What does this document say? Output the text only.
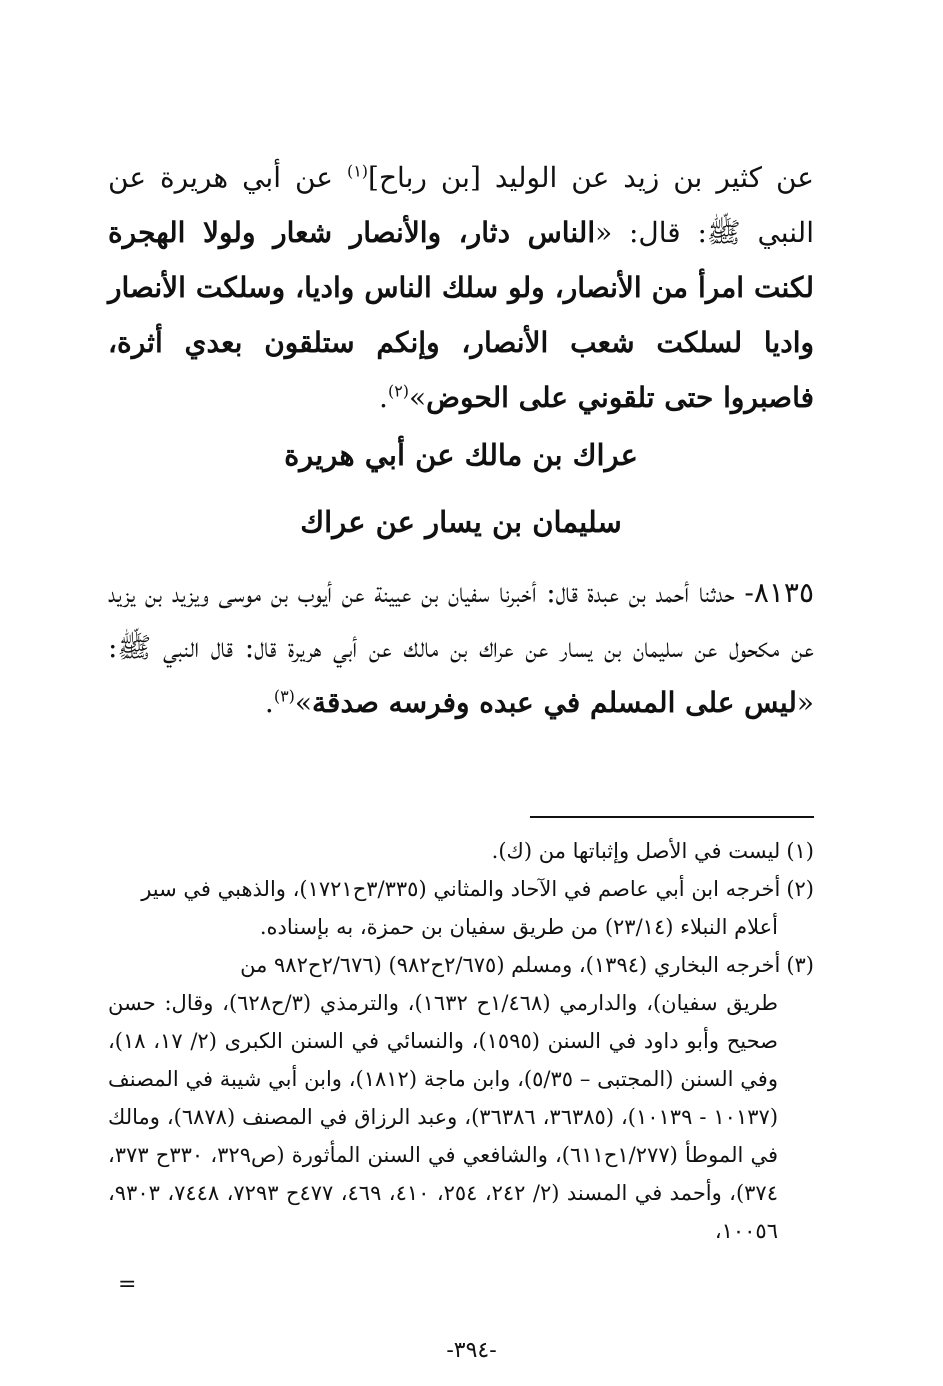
عن كثير بن زيد عن الوليد [بن رباح]$^{(١)}$ عن أبي هريرة عن النبي ﷺ: قال: «الناس دثار، والأنصار شعار ولولا الهجرة لكنت امرأ من الأنصار، ولو سلك الناس واديا، وسلكت الأنصار واديا لسلكت شعب الأنصار، وإنكم ستلقون بعدي أثرة، فاصبروا حتى تلقوني على الحوض»$^{(٢)}$.

عراك بن مالك عن أبي هريرة
سليمان بن يسار عن عراك

٨١٣٥- حدثنا أحمد بن عبدة قال: أخبرنا سفيان بن عيينة عن أيوب بن موسى ويزيد بن يزيد عن مكحول عن سليمان بن يسار عن عراك بن مالك عن أبي هريرة قال: قال النبي ﷺ: «ليس على المسلم في عبده وفرسه صدقة»$^{(٣)}$.

(١)ليست في الأصل وإثباتها من (ك).

(٢)أخرجه ابن أبي عاصم في الآحاد والمثاني (٣/٣٣٥ح١٧٢١)، والذهبي في سير

أعلام النبلاء (٢٣/١٤) من طريق سفيان بن حمزة، به بإسناده.

(٣)أخرجه البخاري (١٣٩٤)، ومسلم (٢/٦٧٥ح٩٨٢) (٢/٦٧٦ح٩٨٢ من

طريق سفيان)، والدارمي (١/٤٦٨ح ١٦٣٢)، والترمذي (٣/ح٦٢٨)، وقال: حسن صحيح وأبو داود في السنن (١٥٩٥)، والنسائي في السنن الكبرى (٢/ ١٧، ١٨)، وفي السنن (المجتبى – ٥/٣٥)، وابن ماجة (١٨١٢)، وابن أبي شيبة في المصنف (١٠١٣٧ - ١٠١٣٩)، (٣٦٣٨٥، ٣٦٣٨٦)، وعبد الرزاق في المصنف (٦٨٧٨)، ومالك في الموطأ (١/٢٧٧ح٦١١)، والشافعي في السنن المأثورة (ص٣٢٩، ٣٣٠ح ٣٧٣، ٣٧٤)، وأحمد في المسند (٢/ ٢٤٢، ٢٥٤، ٤١٠، ٤٦٩، ٤٧٧ح ٧٢٩٣، ٧٤٤٨، ٩٣٠٣، ١٠٠٥٦،

=
-٣٩٤-
